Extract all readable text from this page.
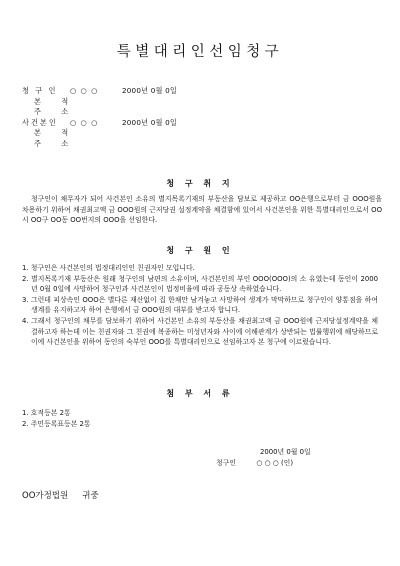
특별대리인선임청구
청 구 인 ○ ○ ○	2000년 0월 0일
본 적
주 소
사건본인 ○ ○ ○	2000년 0월 0일
본 적
주 소
청 구 취 지
청구인이 채무자가 되어 사건본인 소유의 별지목록기재의 부동산을 담보로 제공하고 OO은행으로부터 금 OOO원을 차용하기 위하여 채권최고액 금 OOO원의 근저당권 설정계약을 체결함에 있어서 사건본인을 위한 특별대리인으로서 OO시 OO구 OO동 OO번지의 OOO을 선임한다.
청 구 원 인
1. 청구인은 사건본인의 법정대리인인 친권자인 모입니다.
2. 별지목록기재 부동산은 원래 청구인의 남편의 소유이며, 사건본인의 부인 OOO(OOO)의 소 유였는데 동인이 2000년 0월 0일에 사망하여 청구인과 사건본인이 법정비율에 따라 공동상 속하였습니다.
3. 그런데 피상속인 OOO은 별다른 재산없이 집 한채만 남겨놓고 사망하여 생계가 막막하므로 청구인이 양통점을 하여 생계를 유지하고자 하여 은행에서 금 OOO원의 대부를 받고자 합니다.
4. 그래서 청구인의 채무를 담보하기 위하여 사건본인 소유의 부동산을 채권최고액 금 OOO원에 근저당설정계약을 체결하고자 하는데 이는 친권자와 그 친권에 복종하는 미성년자와 사이에 이해관계가 상반되는 법률행위에 해당하므로 이에 사건본인을 위하여 동인의 숙부인 OOO를 특별대리인으로 선임하고자 본 청구에 이르렀습니다.
첨 부 서 류
1. 호적등본 2통
2. 주민등록표등본 2통
2000년 0월 0일
청구인	○ ○ ○ (인)
OO가정법원 귀중
